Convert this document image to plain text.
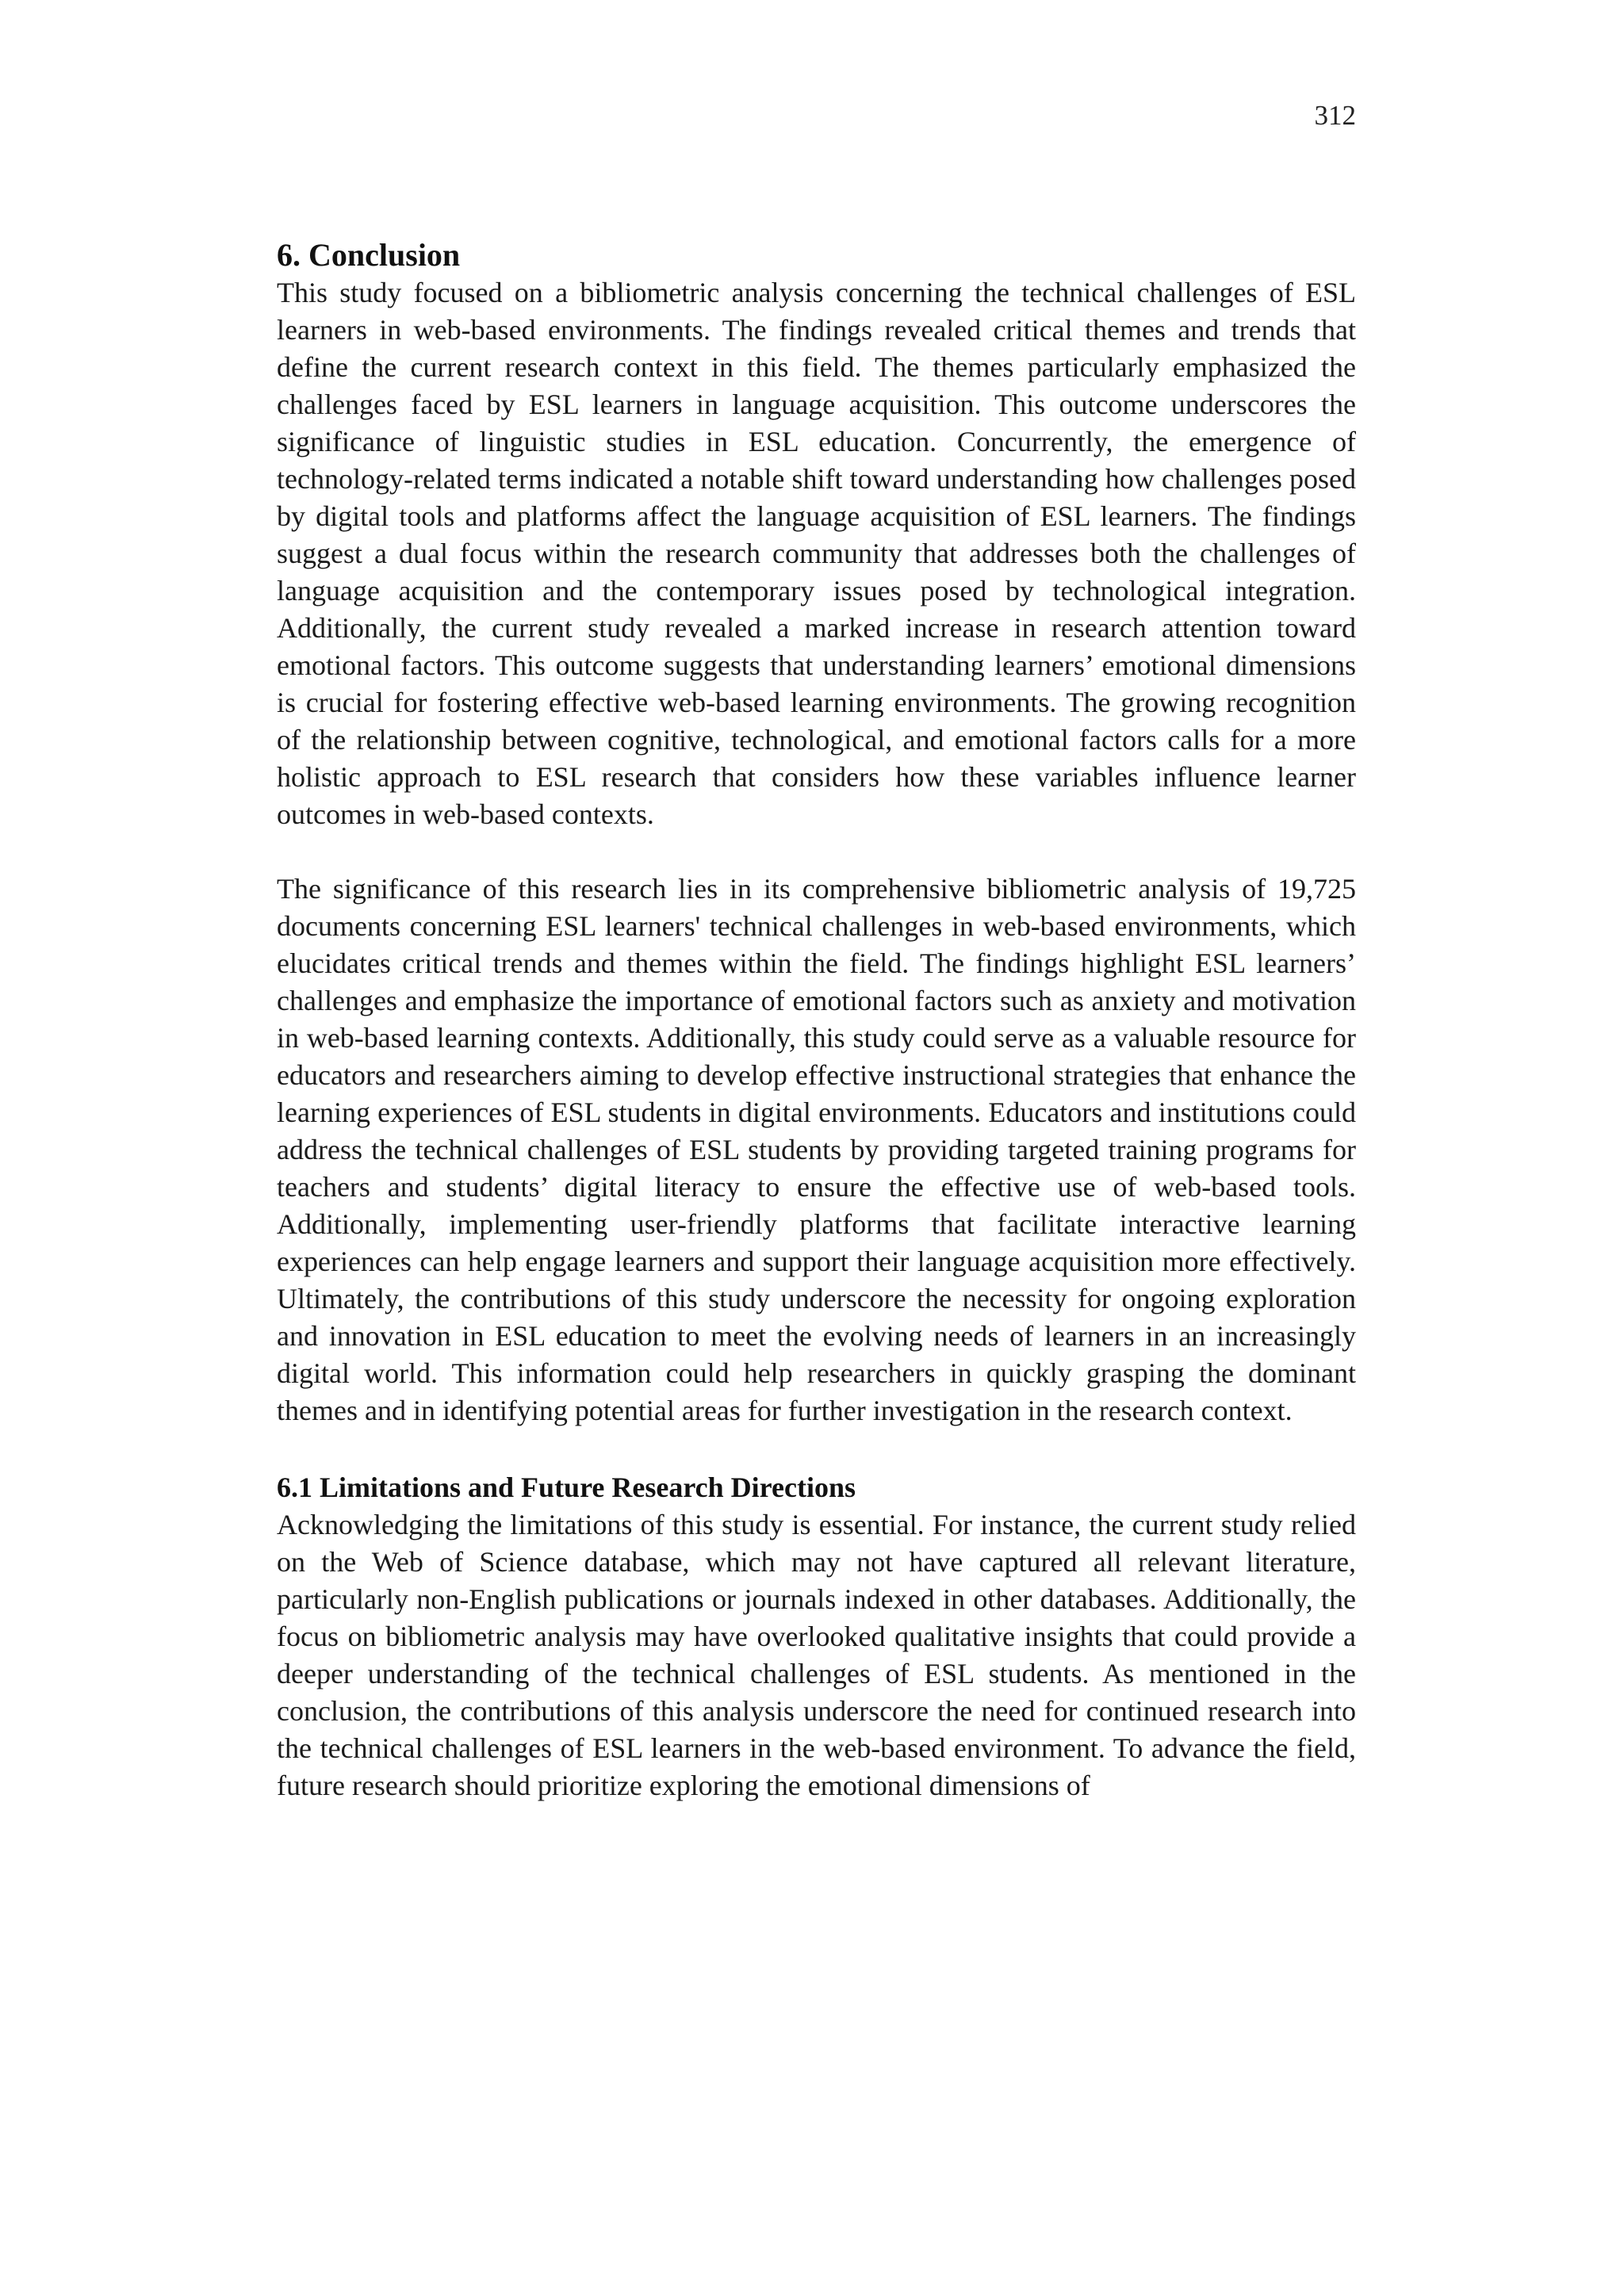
312
6. Conclusion

This study focused on a bibliometric analysis concerning the technical challenges of ESL learners in web-based environments. The findings revealed critical themes and trends that define the current research context in this field. The themes particularly emphasized the challenges faced by ESL learners in language acquisition. This outcome underscores the significance of linguistic studies in ESL education. Concurrently, the emergence of technology-related terms indicated a notable shift toward understanding how challenges posed by digital tools and platforms affect the language acquisition of ESL learners. The findings suggest a dual focus within the research community that addresses both the challenges of language acquisition and the contemporary issues posed by technological integration. Additionally, the current study revealed a marked increase in research attention toward emotional factors. This outcome suggests that understanding learners’ emotional dimensions is crucial for fostering effective web-based learning environments. The growing recognition of the relationship between cognitive, technological, and emotional factors calls for a more holistic approach to ESL research that considers how these variables influence learner outcomes in web-based contexts.

The significance of this research lies in its comprehensive bibliometric analysis of 19,725 documents concerning ESL learners' technical challenges in web-based environments, which elucidates critical trends and themes within the field. The findings highlight ESL learners’ challenges and emphasize the importance of emotional factors such as anxiety and motivation in web-based learning contexts. Additionally, this study could serve as a valuable resource for educators and researchers aiming to develop effective instructional strategies that enhance the learning experiences of ESL students in digital environments. Educators and institutions could address the technical challenges of ESL students by providing targeted training programs for teachers and students’ digital literacy to ensure the effective use of web-based tools. Additionally, implementing user-friendly platforms that facilitate interactive learning experiences can help engage learners and support their language acquisition more effectively. Ultimately, the contributions of this study underscore the necessity for ongoing exploration and innovation in ESL education to meet the evolving needs of learners in an increasingly digital world. This information could help researchers in quickly grasping the dominant themes and in identifying potential areas for further investigation in the research context.

6.1 Limitations and Future Research Directions

Acknowledging the limitations of this study is essential. For instance, the current study relied on the Web of Science database, which may not have captured all relevant literature, particularly non-English publications or journals indexed in other databases. Additionally, the focus on bibliometric analysis may have overlooked qualitative insights that could provide a deeper understanding of the technical challenges of ESL students. As mentioned in the conclusion, the contributions of this analysis underscore the need for continued research into the technical challenges of ESL learners in the web-based environment. To advance the field, future research should prioritize exploring the emotional dimensions of
